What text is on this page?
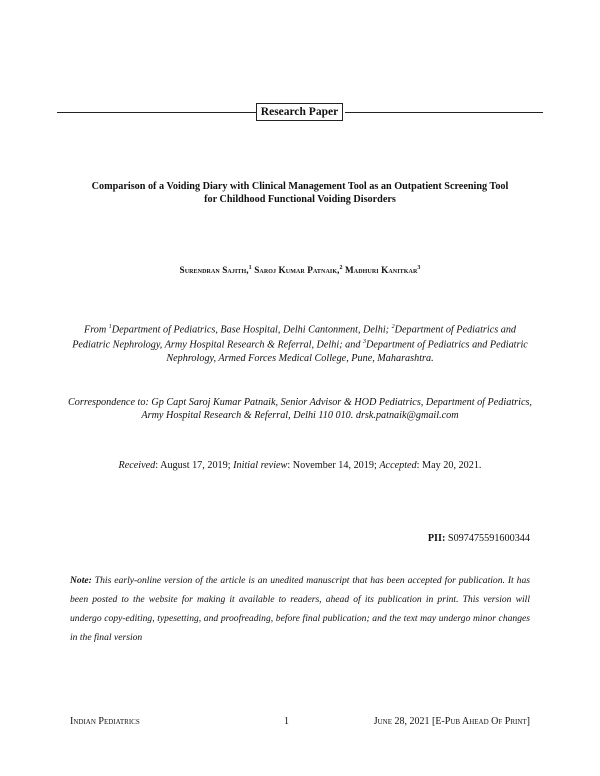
Research Paper
Comparison of a Voiding Diary with Clinical Management Tool as an Outpatient Screening Tool
for Childhood Functional Voiding Disorders
Surendran Sajith,$^1$ Saroj Kumar Patnaik,$^2$ Madhuri Kanitkar$^3$
From $^1$Department of Pediatrics, Base Hospital, Delhi Cantonment, Delhi; $^2$Department of Pediatrics and Pediatric Nephrology, Army Hospital Research & Referral, Delhi; and $^3$Department of Pediatrics and Pediatric Nephrology, Armed Forces Medical College, Pune, Maharashtra.
Correspondence to: Gp Capt Saroj Kumar Patnaik, Senior Advisor & HOD Pediatrics, Department of Pediatrics, Army Hospital Research & Referral, Delhi 110 010. drsk.patnaik@gmail.com
Received: August 17, 2019; Initial review: November 14, 2019; Accepted: May 20, 2021.
PII: S097475591600344
Note: This early-online version of the article is an unedited manuscript that has been accepted for publication. It has been posted to the website for making it available to readers, ahead of its publication in print. This version will undergo copy-editing, typesetting, and proofreading, before final publication; and the text may undergo minor changes in the final version
Indian Pediatrics	1	June 28, 2021 [E-Pub Ahead Of Print]
